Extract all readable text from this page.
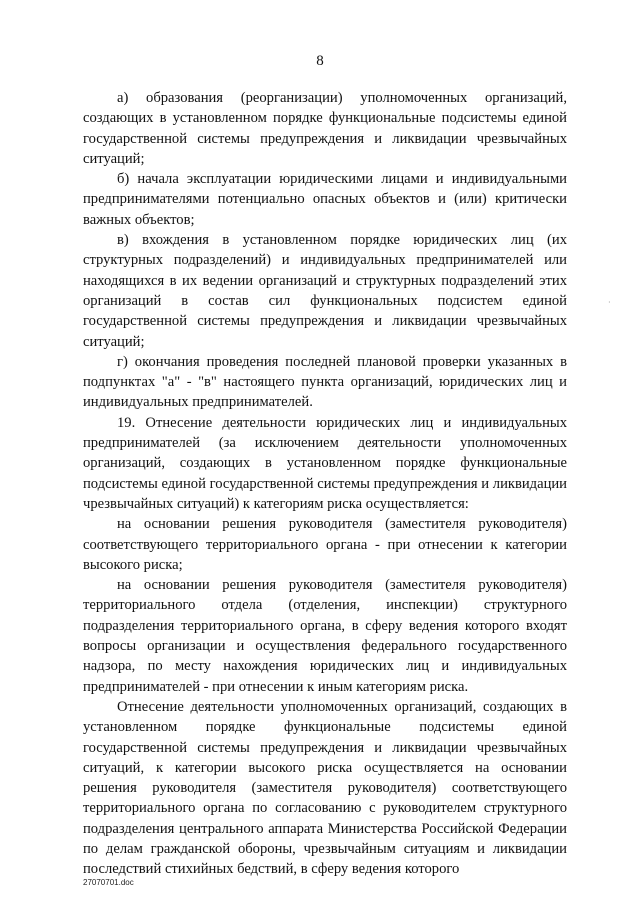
8

а) образования (реорганизации) уполномоченных организаций, создающих в установленном порядке функциональные подсистемы единой государственной системы предупреждения и ликвидации чрезвычайных ситуаций;

б) начала эксплуатации юридическими лицами и индивидуальными предпринимателями потенциально опасных объектов и (или) критически важных объектов;

в) вхождения в установленном порядке юридических лиц (их структурных подразделений) и индивидуальных предпринимателей или находящихся в их ведении организаций и структурных подразделений этих организаций в состав сил функциональных подсистем единой государственной системы предупреждения и ликвидации чрезвычайных ситуаций;

г) окончания проведения последней плановой проверки указанных в подпунктах "а" - "в" настоящего пункта организаций, юридических лиц и индивидуальных предпринимателей.

19. Отнесение деятельности юридических лиц и индивидуальных предпринимателей (за исключением деятельности уполномоченных организаций, создающих в установленном порядке функциональные подсистемы единой государственной системы предупреждения и ликвидации чрезвычайных ситуаций) к категориям риска осуществляется:

на основании решения руководителя (заместителя руководителя) соответствующего территориального органа - при отнесении к категории высокого риска;

на основании решения руководителя (заместителя руководителя) территориального отдела (отделения, инспекции) структурного подразделения территориального органа, в сферу ведения которого входят вопросы организации и осуществления федерального государственного надзора, по месту нахождения юридических лиц и индивидуальных предпринимателей - при отнесении к иным категориям риска.

Отнесение деятельности уполномоченных организаций, создающих в установленном порядке функциональные подсистемы единой государственной системы предупреждения и ликвидации чрезвычайных ситуаций, к категории высокого риска осуществляется на основании решения руководителя (заместителя руководителя) соответствующего территориального органа по согласованию с руководителем структурного подразделения центрального аппарата Министерства Российской Федерации по делам гражданской обороны, чрезвычайным ситуациям и ликвидации последствий стихийных бедствий, в сферу ведения которого

·
27070701.doc
